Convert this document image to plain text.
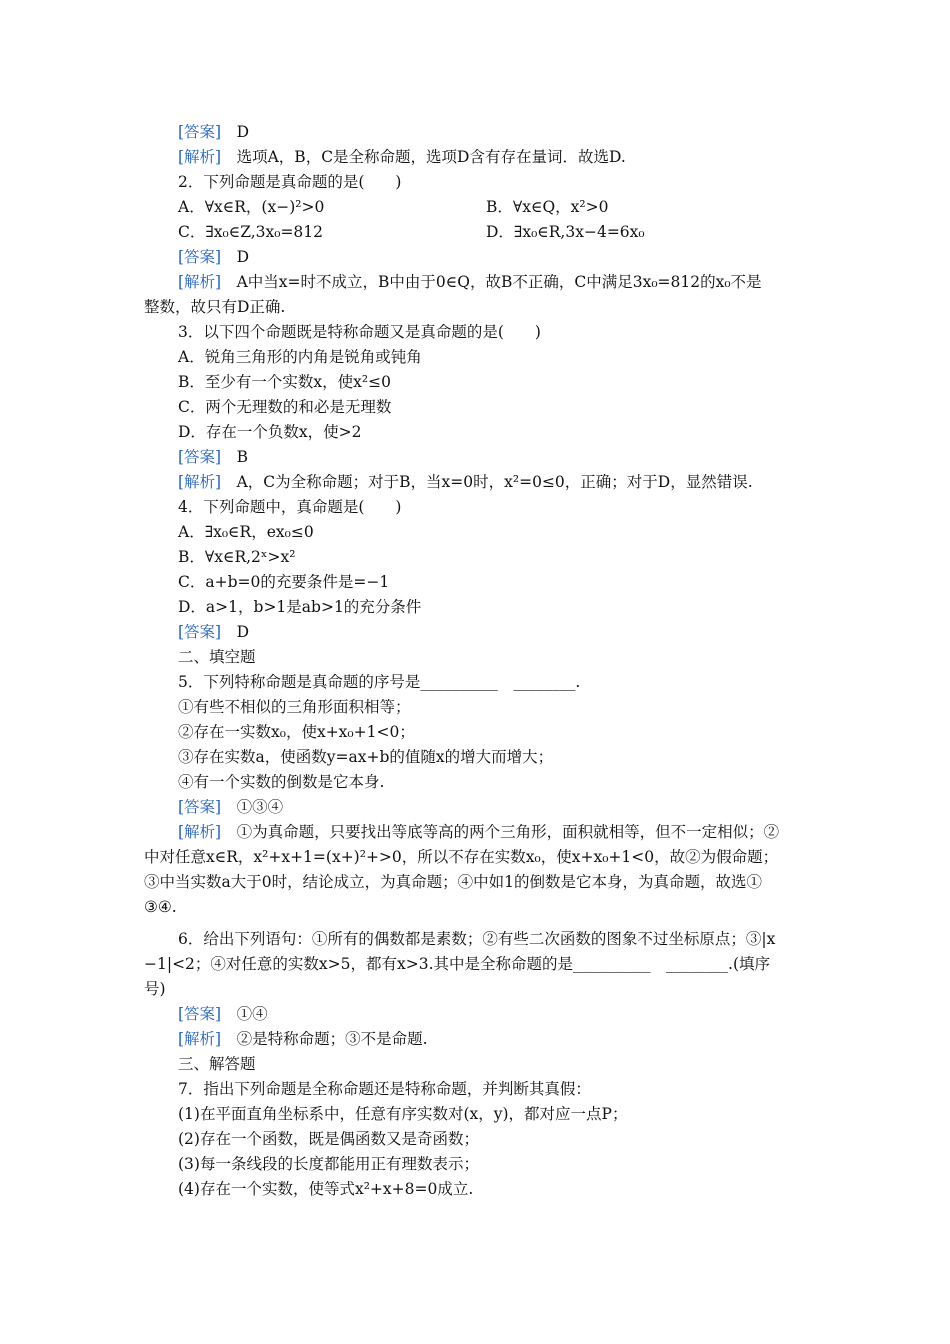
[答案]　D
[解析]　选项A，B，C是全称命题，选项D含有存在量词．故选D.
2．下列命题是真命题的是(　　)
A．∀x∈R，(x−)²>0	B．∀x∈Q，x²>0
C．∃x₀∈Z,3x₀=812	D．∃x₀∈R,3x−4=6x₀
[答案]　D
[解析]　A中当x=时不成立，B中由于0∈Q，故B不正确，C中满足3x₀=812的x₀不是
整数，故只有D正确.
3．以下四个命题既是特称命题又是真命题的是(　　)
A．锐角三角形的内角是锐角或钝角
B．至少有一个实数x，使x²≤0
C．两个无理数的和必是无理数
D．存在一个负数x，使>2
[答案]　B
[解析]　A，C为全称命题；对于B，当x=0时，x²=0≤0，正确；对于D，显然错误.
4．下列命题中，真命题是(　　)
A．∃x₀∈R，ex₀≤0
B．∀x∈R,2ˣ>x²
C．a+b=0的充要条件是=−1
D．a>1，b>1是ab>1的充分条件
[答案]　D
二、填空题
5．下列特称命题是真命题的序号是__________　________.
①有些不相似的三角形面积相等；
②存在一实数x₀，使x+x₀+1<0；
③存在实数a，使函数y=ax+b的值随x的增大而增大；
④有一个实数的倒数是它本身.
[答案]　①③④
[解析]　①为真命题，只要找出等底等高的两个三角形，面积就相等，但不一定相似；②
中对任意x∈R，x²+x+1=(x+)²+>0，所以不存在实数x₀，使x+x₀+1<0，故②为假命题；
③中当实数a大于0时，结论成立，为真命题；④中如1的倒数是它本身，为真命题，故选①
③④.
6．给出下列语句：①所有的偶数都是素数；②有些二次函数的图象不过坐标原点；③|x
−1|<2；④对任意的实数x>5，都有x>3.其中是全称命题的是__________　________.(填序
号)
[答案]　①④
[解析]　②是特称命题；③不是命题.
三、解答题
7．指出下列命题是全称命题还是特称命题，并判断其真假：
(1)在平面直角坐标系中，任意有序实数对(x，y)，都对应一点P；
(2)存在一个函数，既是偶函数又是奇函数；
(3)每一条线段的长度都能用正有理数表示；
(4)存在一个实数，使等式x²+x+8=0成立.
